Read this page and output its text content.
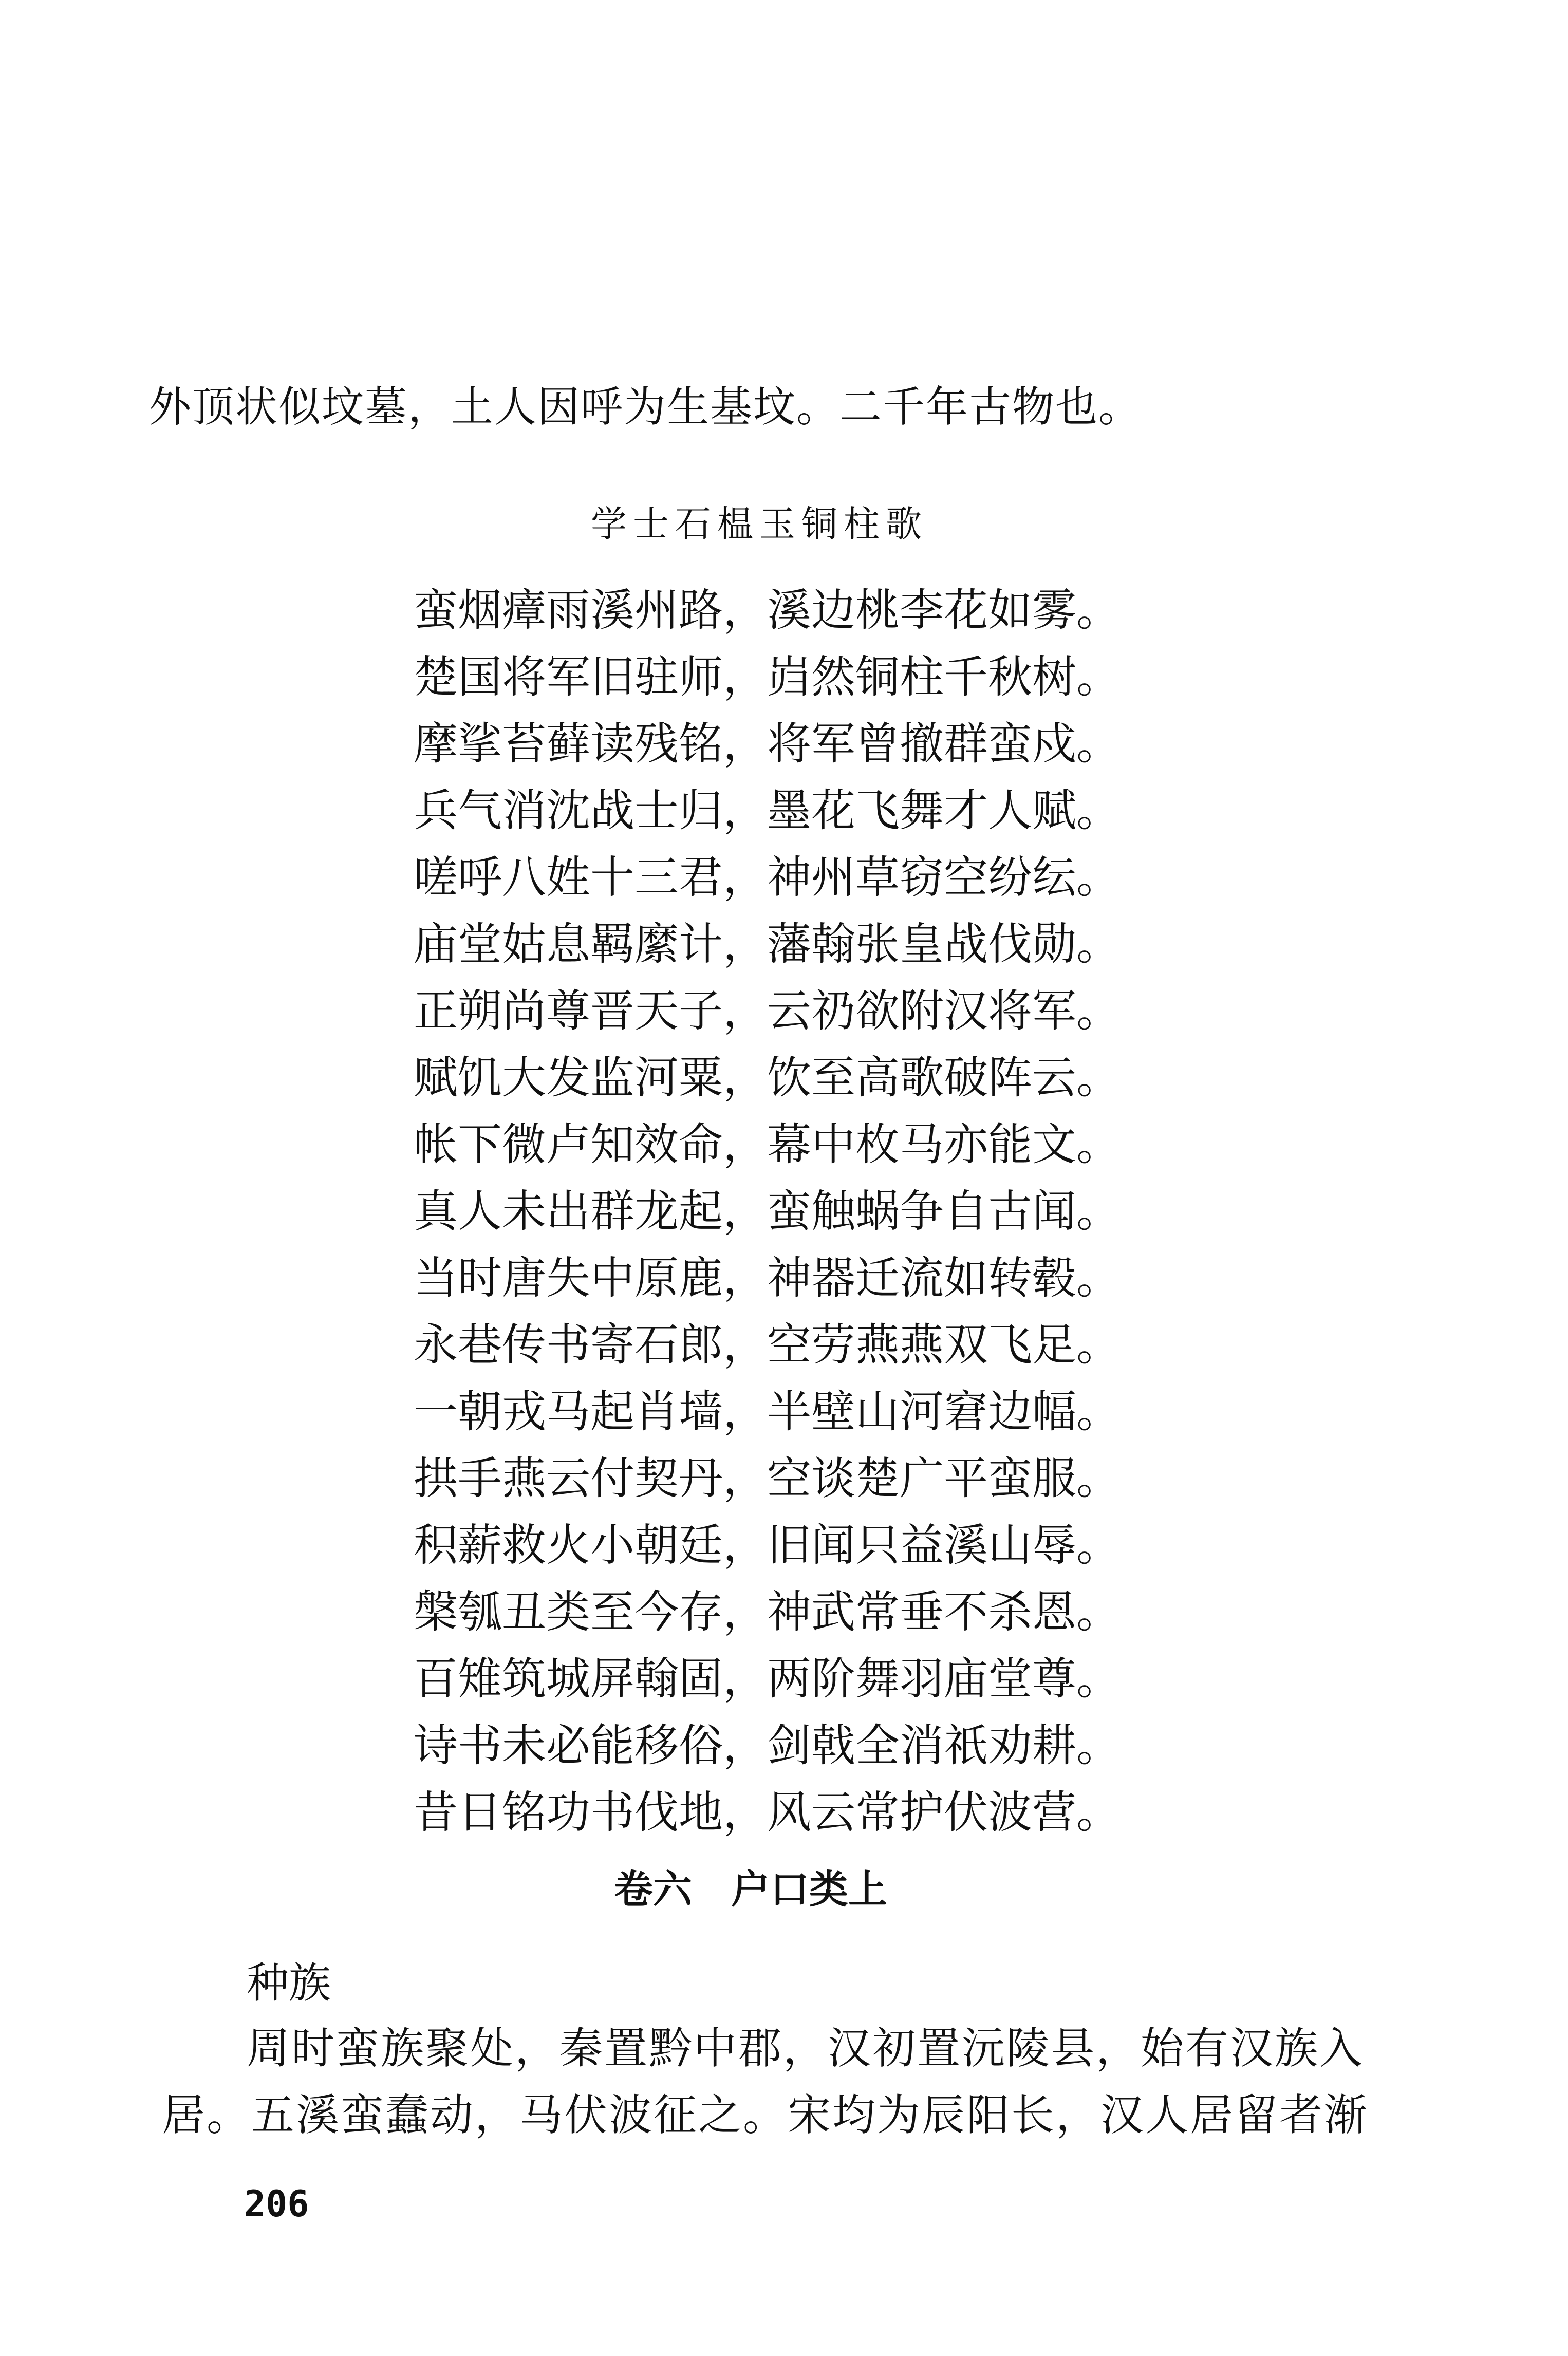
外顶状似坟墓，土人因呼为生基坟。二千年古物也。
学士石榅玉铜柱歌
蛮烟瘴雨溪州路，溪边桃李花如雾。
楚国将军旧驻师，岿然铜柱千秋树。
摩挲苔藓读残铭，将军曾撤群蛮戍。
兵气消沈战士归，墨花飞舞才人赋。
嗟呼八姓十三君，神州草窃空纷纭。
庙堂姑息羁縻计，藩翰张皇战伐勋。
正朔尚尊晋天子，云礽欲附汉将军。
赋饥大发监河粟，饮至高歌破阵云。
帐下微卢知效命，幕中枚马亦能文。
真人未出群龙起，蛮触蜗争自古闻。
当时唐失中原鹿，神器迁流如转毂。
永巷传书寄石郎，空劳燕燕双飞足。
一朝戎马起肖墙，半壁山河窘边幅。
拱手燕云付契丹，空谈楚广平蛮服。
积薪救火小朝廷，旧闻只益溪山辱。
槃瓠丑类至今存，神武常垂不杀恩。
百雉筑城屏翰固，两阶舞羽庙堂尊。
诗书未必能移俗，剑戟全消祇劝耕。
昔日铭功书伐地，风云常护伏波营。
卷六　户口类上
种族
周时蛮族聚处，秦置黔中郡，汉初置沅陵县，始有汉族入
居。五溪蛮蠢动，马伏波征之。宋均为辰阳长，汉人居留者渐
206
